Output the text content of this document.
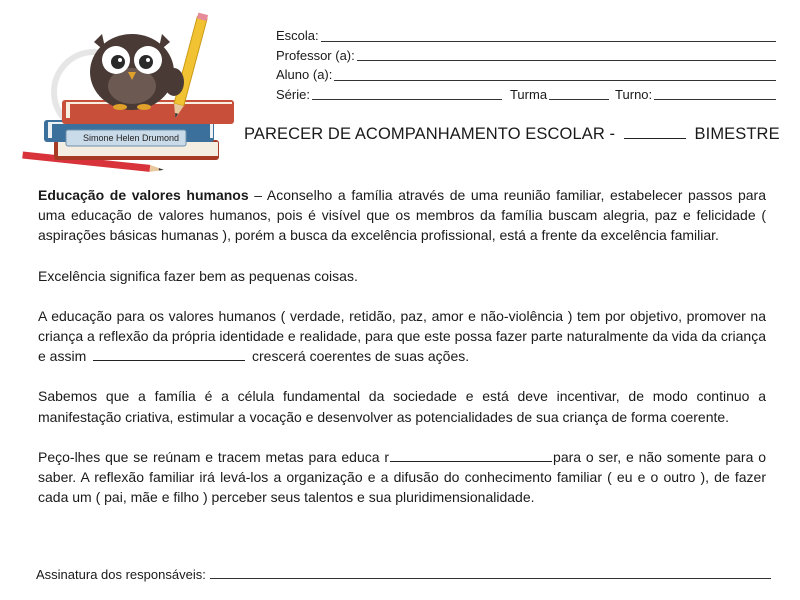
Simone Helen Drumond
Escola:
Professor (a):
Aluno (a):
Série:	Turma	Turno:
PARECER DE ACOMPANHAMENTO ESCOLAR -	BIMESTRE

Educação de valores humanos – Aconselho a família através de uma reunião familiar, estabelecer passos para uma educação de valores humanos, pois é visível que os membros da família buscam alegria, paz e felicidade ( aspirações básicas humanas ), porém a busca da excelência profissional, está a frente da excelência familiar.

Excelência significa fazer bem as pequenas coisas.

A educação para os valores humanos ( verdade, retidão, paz, amor e não-violência ) tem por objetivo, promover na criança a reflexão da própria identidade e realidade, para que este possa fazer parte naturalmente da vida da criança e assim	crescerá coerentes de suas ações.

Sabemos que a família é a célula fundamental da sociedade e está deve incentivar, de modo continuo a manifestação criativa, estimular a vocação e desenvolver as potencialidades de sua criança de forma coerente.

Peço-lhes que se reúnam e tracem metas para educa r	para o ser, e não somente para o saber. A reflexão familiar irá levá-los a organização e a difusão do conhecimento familiar ( eu e o outro ), de fazer cada um ( pai, mãe e filho ) perceber seus talentos e sua pluridimensionalidade.

Assinatura dos responsáveis:
